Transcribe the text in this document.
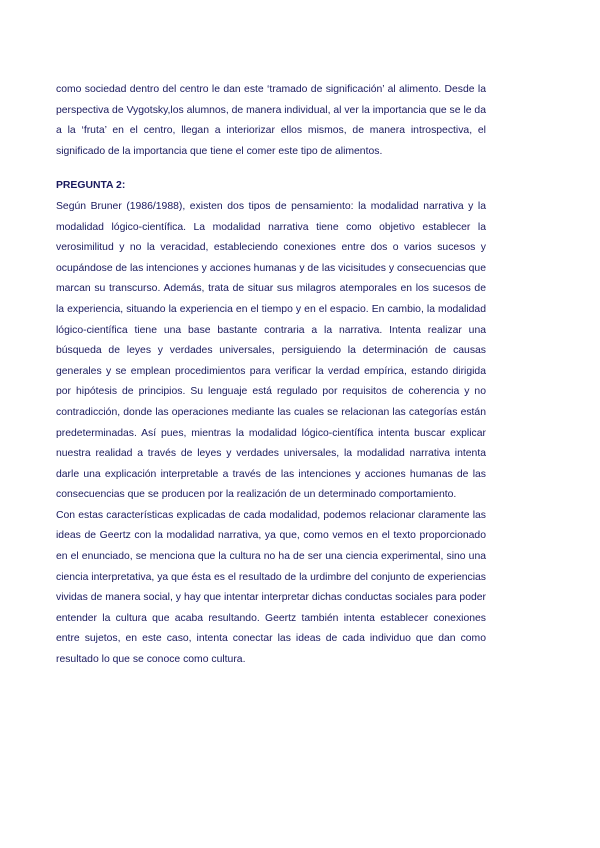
como sociedad dentro del centro le dan este ‘tramado de significación’ al alimento. Desde la perspectiva de Vygotsky,los alumnos, de manera individual, al ver la importancia que se le da a la ‘fruta’ en el centro, llegan a interiorizar ellos mismos, de manera introspectiva, el significado de la importancia que tiene el comer este tipo de alimentos.

PREGUNTA 2:

Según Bruner (1986/1988), existen dos tipos de pensamiento: la modalidad narrativa y la modalidad lógico-científica. La modalidad narrativa tiene como objetivo establecer la verosimilitud y no la veracidad, estableciendo conexiones entre dos o varios sucesos y ocupándose de las intenciones y acciones humanas y de las vicisitudes y consecuencias que marcan su transcurso. Además, trata de situar sus milagros atemporales en los sucesos de la experiencia, situando la experiencia en el tiempo y en el espacio. En cambio, la modalidad lógico-científica tiene una base bastante contraria a la narrativa. Intenta realizar una búsqueda de leyes y verdades universales, persiguiendo la determinación de causas generales y se emplean procedimientos para verificar la verdad empírica, estando dirigida por hipótesis de principios. Su lenguaje está regulado por requisitos de coherencia y no contradicción, donde las operaciones mediante las cuales se relacionan las categorías están predeterminadas. Así pues, mientras la modalidad lógico-científica intenta buscar explicar nuestra realidad a través de leyes y verdades universales, la modalidad narrativa intenta darle una explicación interpretable a través de las intenciones y acciones humanas de las consecuencias que se producen por la realización de un determinado comportamiento.

Con estas características explicadas de cada modalidad, podemos relacionar claramente las ideas de Geertz con la modalidad narrativa, ya que, como vemos en el texto proporcionado en el enunciado, se menciona que la cultura no ha de ser una ciencia experimental, sino una ciencia interpretativa, ya que ésta es el resultado de la urdimbre del conjunto de experiencias vividas de manera social, y hay que intentar interpretar dichas conductas sociales para poder entender la cultura que acaba resultando. Geertz también intenta establecer conexiones entre sujetos, en este caso, intenta conectar las ideas de cada individuo que dan como resultado lo que se conoce como cultura.
